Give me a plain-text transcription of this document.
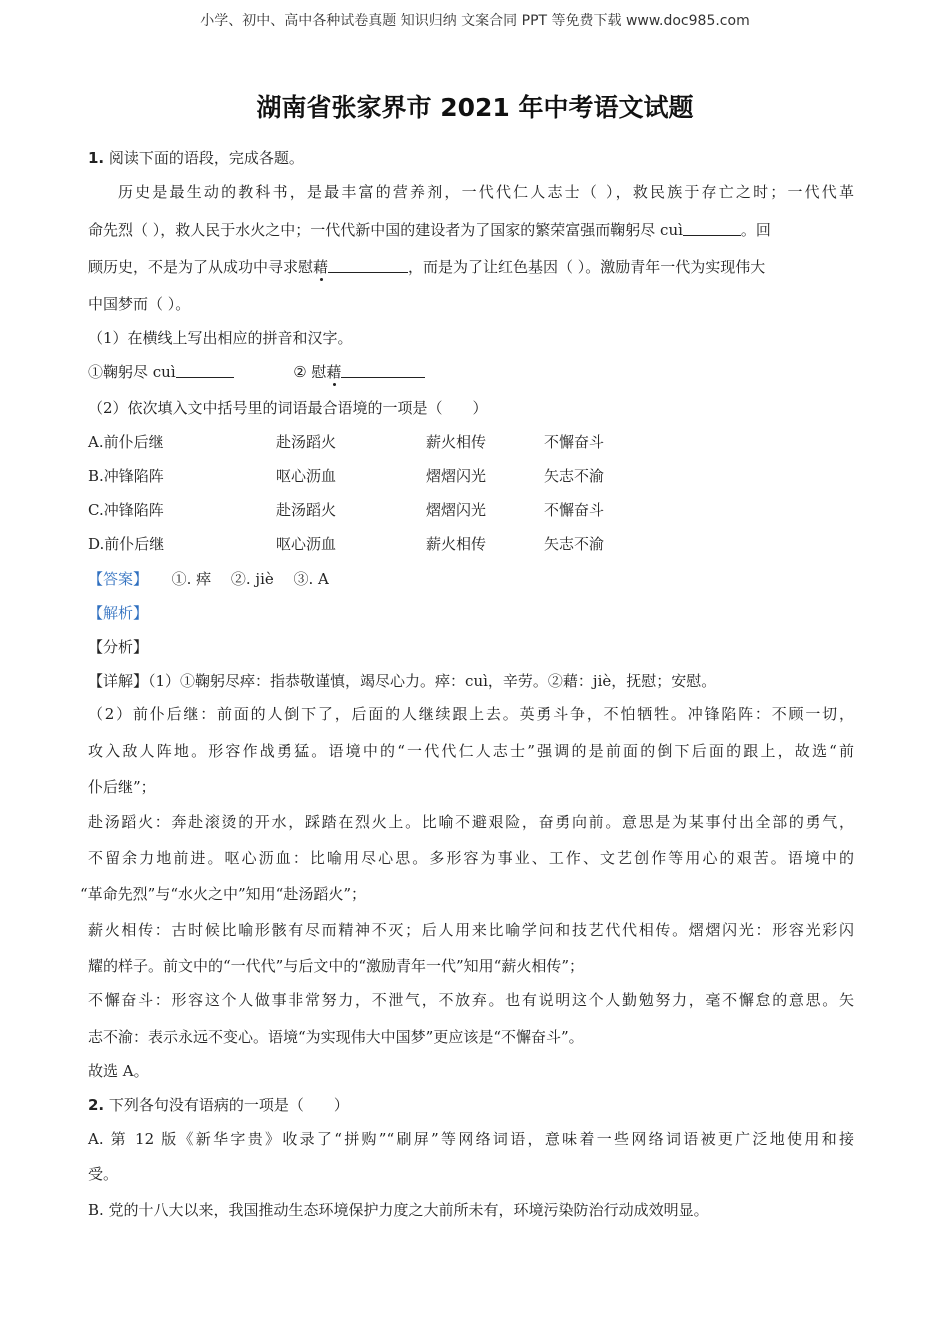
小学、初中、高中各种试卷真题 知识归纳 文案合同 PPT 等免费下载 www.doc985.com
湖南省张家界市 2021 年中考语文试题
1. 阅读下面的语段，完成各题。
历史是最生动的教科书，是最丰富的营养剂，一代代仁人志士（ ），救民族于存亡之时；一代代革
命先烈（ ），救人民于水火之中；一代代新中国的建设者为了国家的繁荣富强而鞠躬尽 cuì	。回
顾历史，不是为了从成功中寻求慰藉	，而是为了让红色基因（ ）。激励青年一代为实现伟大
中国梦而（ ）。
（1）在横线上写出相应的拼音和汉字。
①鞠躬尽 cuì	② 慰藉
（2）依次填入文中括号里的词语最合语境的一项是（　　）
A.前仆后继	赴汤蹈火	薪火相传	不懈奋斗
B.冲锋陷阵	呕心沥血	熠熠闪光	矢志不渝
C.冲锋陷阵	赴汤蹈火	熠熠闪光	不懈奋斗
D.前仆后继	呕心沥血	薪火相传	矢志不渝
【答案】 ①. 瘁　 ②. jiè　 ③. A
【解析】
【分析】
【详解】（1）①鞠躬尽瘁：指恭敬谨慎，竭尽心力。瘁：cuì，辛劳。②藉：jiè，抚慰；安慰。
（2）前仆后继：前面的人倒下了，后面的人继续跟上去。英勇斗争，不怕牺牲。冲锋陷阵：不顾一切，
攻入敌人阵地。形容作战勇猛。语境中的“一代代仁人志士”强调的是前面的倒下后面的跟上，故选“前
仆后继”；
赴汤蹈火：奔赴滚烫的开水，踩踏在烈火上。比喻不避艰险，奋勇向前。意思是为某事付出全部的勇气，
不留余力地前进。呕心沥血：比喻用尽心思。多形容为事业、工作、文艺创作等用心的艰苦。语境中的
“革命先烈”与“水火之中”知用“赴汤蹈火”；
薪火相传：古时候比喻形骸有尽而精神不灭；后人用来比喻学问和技艺代代相传。熠熠闪光：形容光彩闪
耀的样子。前文中的“一代代”与后文中的“激励青年一代”知用“薪火相传”；
不懈奋斗：形容这个人做事非常努力，不泄气，不放弃。也有说明这个人勤勉努力，毫不懈怠的意思。矢
志不渝：表示永远不变心。语境“为实现伟大中国梦”更应该是“不懈奋斗”。
故选 A。
2. 下列各句没有语病的一项是（　　）
A. 第 12 版《新华字贵》收录了“拼购”“刷屏”等网络词语，意味着一些网络词语被更广泛地使用和接
受。
B. 党的十八大以来，我国推动生态环境保护力度之大前所未有，环境污染防治行动成效明显。
